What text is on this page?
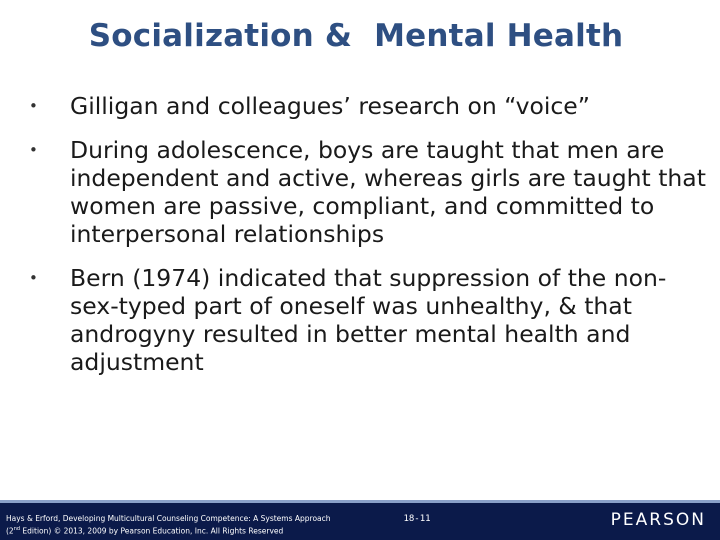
Socialization &  Mental Health
• Gilligan and colleagues’ research on “voice”
• During adolescence, boys are taught that men are independent and active, whereas girls are taught that women are passive, compliant, and committed to interpersonal relationships
• Bern (1974) indicated that suppression of the non-sex-typed part of oneself was unhealthy, & that androgyny resulted in better mental health and adjustment
Hays & Erford, Developing Multicultural Counseling Competence: A Systems Approach
(2nd Edition) © 2013, 2009 by Pearson Education, Inc. All Rights Reserved
18-11	PEARSON
